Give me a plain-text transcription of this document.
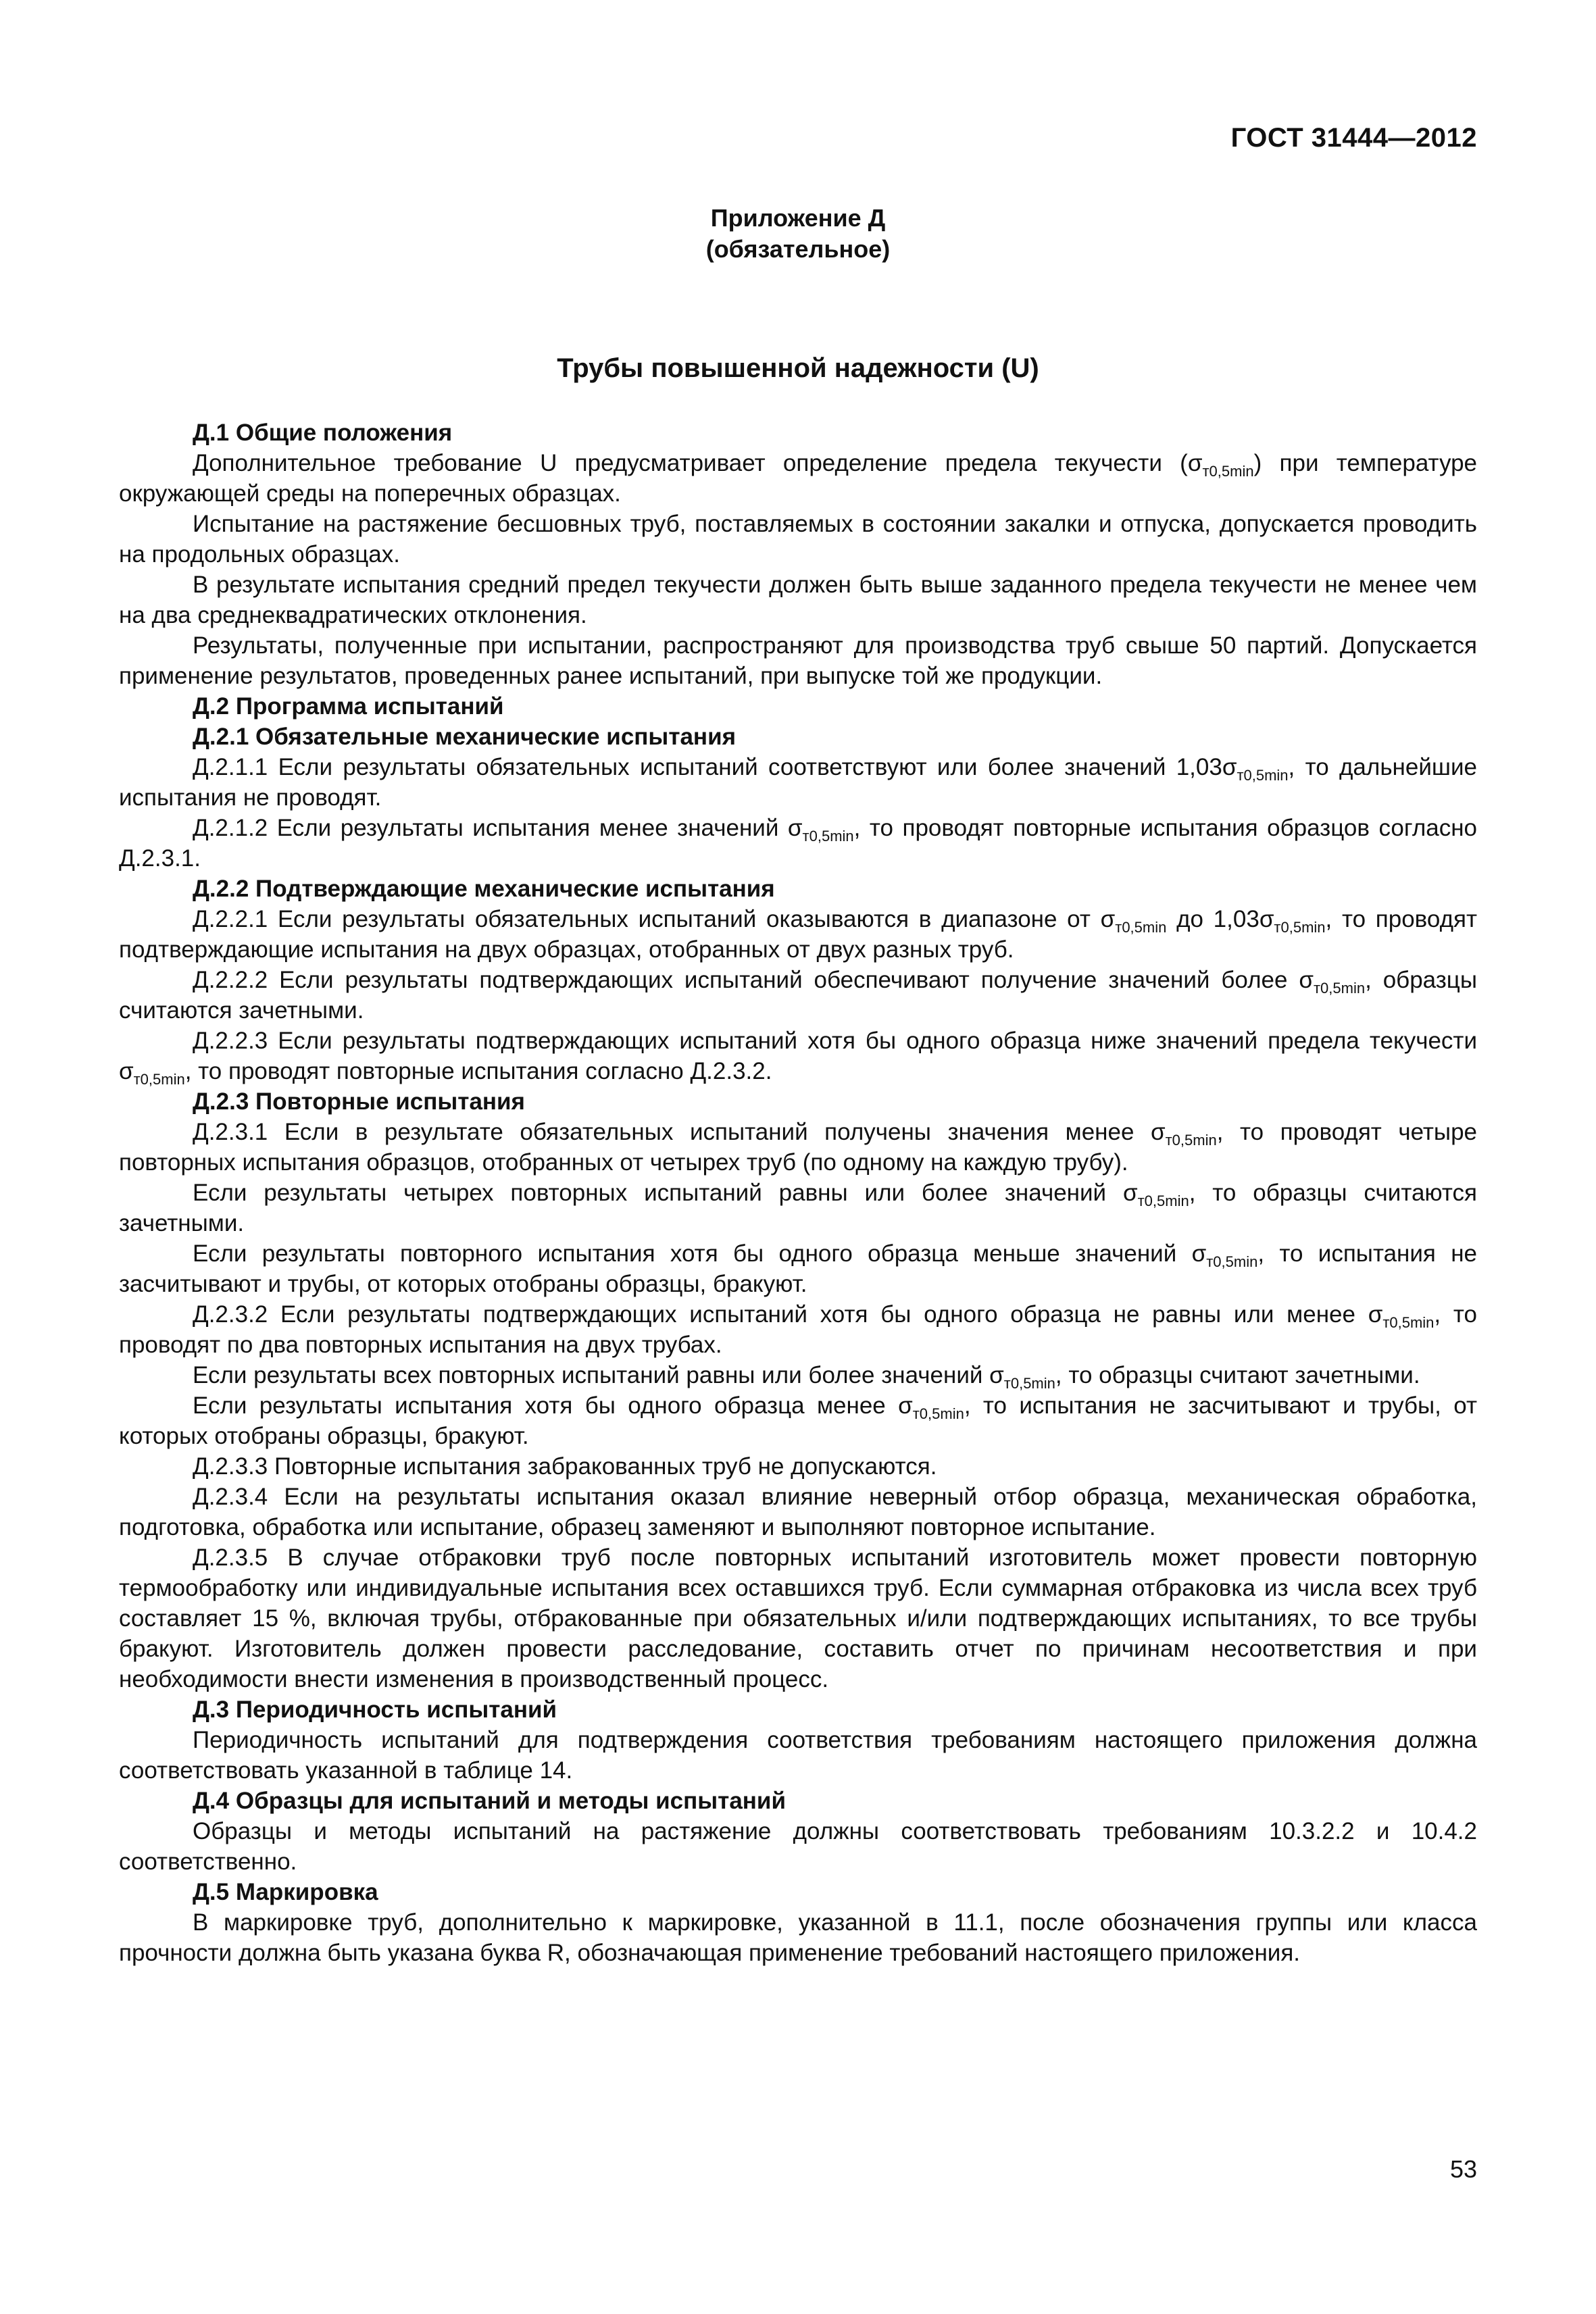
ГОСТ 31444—2012
Приложение Д
(обязательное)
Трубы повышенной надежности (U)
Д.1 Общие положения

Дополнительное требование U предусматривает определение предела текучести $(\sigma_{т0,5min})$ при температуре окружающей среды на поперечных образцах.

Испытание на растяжение бесшовных труб, поставляемых в состоянии закалки и отпуска, допускается проводить на продольных образцах.

В результате испытания средний предел текучести должен быть выше заданного предела текучести не менее чем на два среднеквадратических отклонения.

Результаты, полученные при испытании, распространяют для производства труб свыше 50 партий. Допускается применение результатов, проведенных ранее испытаний, при выпуске той же продукции.

Д.2 Программа испытаний
Д.2.1 Обязательные механические испытания

Д.2.1.1 Если результаты обязательных испытаний соответствуют или более значений $1,03\sigma_{т0,5min}$, то дальнейшие испытания не проводят.

Д.2.1.2 Если результаты испытания менее значений $\sigma_{т0,5min}$, то проводят повторные испытания образцов согласно Д.2.3.1.

Д.2.2 Подтверждающие механические испытания

Д.2.2.1 Если результаты обязательных испытаний оказываются в диапазоне от $\sigma_{т0,5min}$ до $1,03\sigma_{т0,5min}$, то проводят подтверждающие испытания на двух образцах, отобранных от двух разных труб.

Д.2.2.2 Если результаты подтверждающих испытаний обеспечивают получение значений более $\sigma_{т0,5min}$, образцы считаются зачетными.

Д.2.2.3 Если результаты подтверждающих испытаний хотя бы одного образца ниже значений предела текучести $\sigma_{т0,5min}$, то проводят повторные испытания согласно Д.2.3.2.

Д.2.3 Повторные испытания

Д.2.3.1 Если в результате обязательных испытаний получены значения менее $\sigma_{т0,5min}$, то проводят четыре повторных испытания образцов, отобранных от четырех труб (по одному на каждую трубу).

Если результаты четырех повторных испытаний равны или более значений $\sigma_{т0,5min}$, то образцы считаются зачетными.

Если результаты повторного испытания хотя бы одного образца меньше значений $\sigma_{т0,5min}$, то испытания не засчитывают и трубы, от которых отобраны образцы, бракуют.

Д.2.3.2 Если результаты подтверждающих испытаний хотя бы одного образца не равны или менее $\sigma_{т0,5min}$, то проводят по два повторных испытания на двух трубах.

Если результаты всех повторных испытаний равны или более значений $\sigma_{т0,5min}$, то образцы считают зачетными.

Если результаты испытания хотя бы одного образца менее $\sigma_{т0,5min}$, то испытания не засчитывают и трубы, от которых отобраны образцы, бракуют.

Д.2.3.3 Повторные испытания забракованных труб не допускаются.

Д.2.3.4 Если на результаты испытания оказал влияние неверный отбор образца, механическая обработка, подготовка, обработка или испытание, образец заменяют и выполняют повторное испытание.

Д.2.3.5 В случае отбраковки труб после повторных испытаний изготовитель может провести повторную термообработку или индивидуальные испытания всех оставшихся труб. Если суммарная отбраковка из числа всех труб составляет 15 %, включая трубы, отбракованные при обязательных и/или подтверждающих испытаниях, то все трубы бракуют. Изготовитель должен провести расследование, составить отчет по причинам несоответствия и при необходимости внести изменения в производственный процесс.

Д.3 Периодичность испытаний

Периодичность испытаний для подтверждения соответствия требованиям настоящего приложения должна соответствовать указанной в таблице 14.

Д.4 Образцы для испытаний и методы испытаний

Образцы и методы испытаний на растяжение должны соответствовать требованиям 10.3.2.2 и 10.4.2 соответственно.

Д.5 Маркировка

В маркировке труб, дополнительно к маркировке, указанной в 11.1, после обозначения группы или класса прочности должна быть указана буква R, обозначающая применение требований настоящего приложения.

53
